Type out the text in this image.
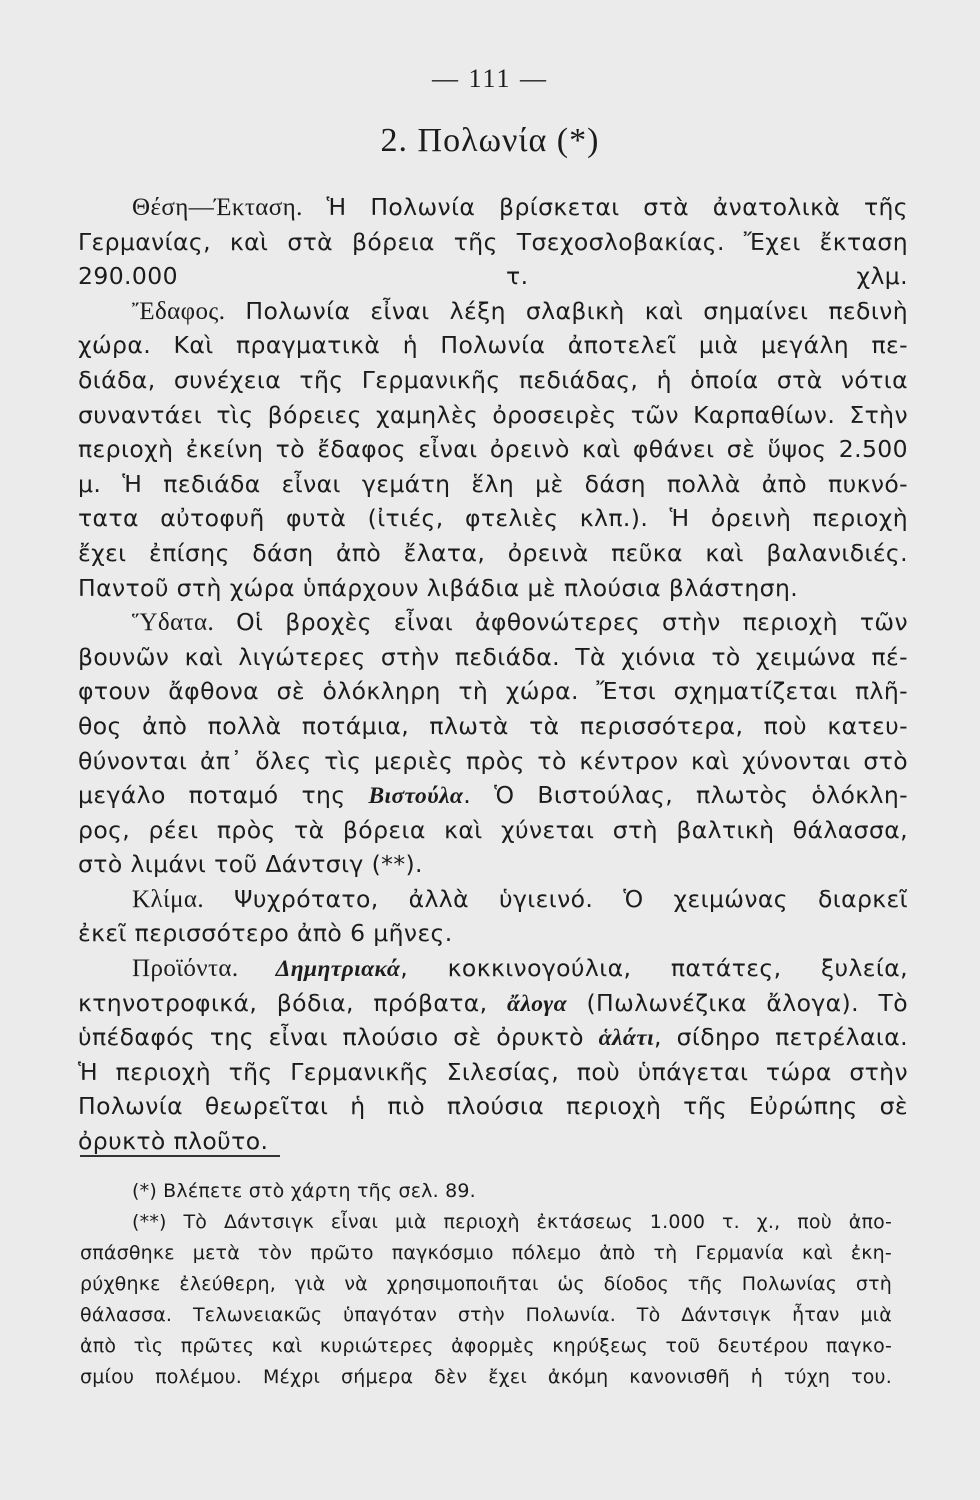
— 111 —
2. Πολωνία (*)
Θέση—Έκταση. Ἡ Πολωνία βρίσκεται στὰ ἀνατολικὰ τῆς
Γερμανίας, καὶ στὰ βόρεια τῆς Τσεχοσλοβακίας. Ἔχει ἔκταση
290.000 τ. χλμ.
Ἔδαφος. Πολωνία εἶναι λέξη σλαβικὴ καὶ σημαίνει πεδινὴ
χώρα. Καὶ πραγματικὰ ἡ Πολωνία ἀποτελεῖ μιὰ μεγάλη πε-
διάδα, συνέχεια τῆς Γερμανικῆς πεδιάδας, ἡ ὁποία στὰ νότια
συναντάει τὶς βόρειες χαμηλὲς ὀροσειρὲς τῶν Καρπαθίων. Στὴν
περιοχὴ ἐκείνη τὸ ἔδαφος εἶναι ὀρεινὸ καὶ φθάνει σὲ ὕψος 2.500
μ. Ἡ πεδιάδα εἶναι γεμάτη ἕλη μὲ δάση πολλὰ ἀπὸ πυκνό-
τατα αὐτοφυῆ φυτὰ (ἰτιές, φτελιὲς κλπ.). Ἡ ὀρεινὴ περιοχὴ
ἔχει ἐπίσης δάση ἀπὸ ἔλατα, ὀρεινὰ πεῦκα καὶ βαλανιδιές.
Παντοῦ στὴ χώρα ὑπάρχουν λιβάδια μὲ πλούσια βλάστηση.
Ὕδατα. Οἱ βροχὲς εἶναι ἀφθονώτερες στὴν περιοχὴ τῶν
βουνῶν καὶ λιγώτερες στὴν πεδιάδα. Τὰ χιόνια τὸ χειμώνα πέ-
φτουν ἄφθονα σὲ ὁλόκληρη τὴ χώρα. Ἔτσι σχηματίζεται πλῆ-
θος ἀπὸ πολλὰ ποτάμια, πλωτὰ τὰ περισσότερα, ποὺ κατευ-
θύνονται ἀπ᾽ ὅλες τὶς μεριὲς πρὸς τὸ κέντρον καὶ χύνονται στὸ
μεγάλο ποταμό της Βιστούλα. Ὁ Βιστούλας, πλωτὸς ὁλόκλη-
ρος, ρέει πρὸς τὰ βόρεια καὶ χύνεται στὴ βαλτικὴ θάλασσα,
στὸ λιμάνι τοῦ Δάντσιγ (**).
Κλίμα. Ψυχρότατο, ἀλλὰ ὑγιεινό. Ὁ χειμώνας διαρκεῖ
ἐκεῖ περισσότερο ἀπὸ 6 μῆνες.
Προϊόντα. Δημητριακά, κοκκινογούλια, πατάτες, ξυλεία,
κτηνοτροφικά, βόδια, πρόβατα, ἄλογα (Πωλωνέζικα ἄλογα). Τὸ
ὑπέδαφός της εἶναι πλούσιο σὲ ὀρυκτὸ ἁλάτι, σίδηρο πετρέλαια.
Ἡ περιοχὴ τῆς Γερμανικῆς Σιλεσίας, ποὺ ὑπάγεται τώρα στὴν
Πολωνία θεωρεῖται ἡ πιὸ πλούσια περιοχὴ τῆς Εὐρώπης σὲ
ὀρυκτὸ πλοῦτο.
(*) Βλέπετε στὸ χάρτη τῆς σελ. 89.
(**) Τὸ Δάντσιγκ εἶναι μιὰ περιοχὴ ἐκτάσεως 1.000 τ. χ., ποὺ ἀπο-
σπάσθηκε μετὰ τὸν πρῶτο παγκόσμιο πόλεμο ἀπὸ τὴ Γερμανία καὶ ἐκη-
ρύχθηκε ἐλεύθερη, γιὰ νὰ χρησιμοποιῆται ὡς δίοδος τῆς Πολωνίας στὴ
θάλασσα. Τελωνειακῶς ὑπαγόταν στὴν Πολωνία. Τὸ Δάντσιγκ ἦταν μιὰ
ἀπὸ τὶς πρῶτες καὶ κυριώτερες ἀφορμὲς κηρύξεως τοῦ δευτέρου παγκο-
σμίου πολέμου. Μέχρι σήμερα δὲν ἔχει ἀκόμη κανονισθῆ ἡ τύχη του.
